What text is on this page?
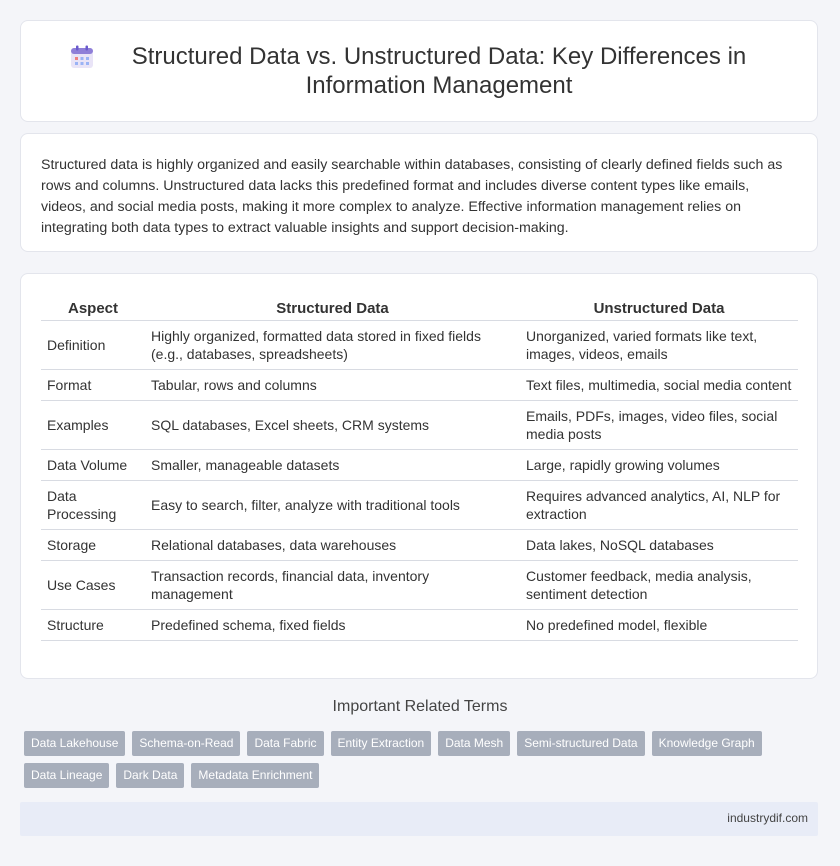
Structured Data vs. Unstructured Data: Key Differences in Information Management

Structured data is highly organized and easily searchable within databases, consisting of clearly defined fields such as rows and columns. Unstructured data lacks this predefined format and includes diverse content types like emails, videos, and social media posts, making it more complex to analyze. Effective information management relies on integrating both data types to extract valuable insights and support decision-making.

Aspect	Structured Data	Unstructured Data
Definition	Highly organized, formatted data stored in fixed fields (e.g., databases, spreadsheets)	Unorganized, varied formats like text, images, videos, emails
Format	Tabular, rows and columns	Text files, multimedia, social media content
Examples	SQL databases, Excel sheets, CRM systems	Emails, PDFs, images, video files, social media posts
Data Volume	Smaller, manageable datasets	Large, rapidly growing volumes
Data Processing	Easy to search, filter, analyze with traditional tools	Requires advanced analytics, AI, NLP for extraction
Storage	Relational databases, data warehouses	Data lakes, NoSQL databases
Use Cases	Transaction records, financial data, inventory management	Customer feedback, media analysis, sentiment detection
Structure	Predefined schema, fixed fields	No predefined model, flexible
Important Related Terms
Data Lakehouse	Schema-on-Read	Data Fabric	Entity Extraction	Data Mesh	Semi-structured Data	Knowledge Graph
Data Lineage	Dark Data	Metadata Enrichment
industrydif.com
